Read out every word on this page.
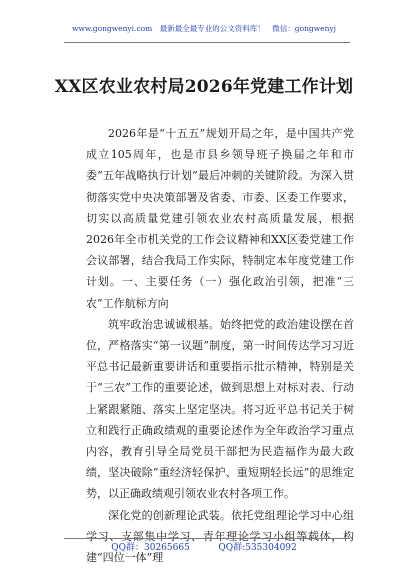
www.gongwenyi.com　最新最全最专业的公文资料库！　微信：gongwenyj
XX区农业农村局2026年党建工作计划

2026年是“十五五”规划开局之年，是中国共产党成立105周年，也是市县乡领导班子换届之年和市委“五年战略执行计划”最后冲刺的关键阶段。为深入贯彻落实党中央决策部署及省委、市委、区委工作要求，切实以高质量党建引领农业农村高质量发展，根据2026年全市机关党的工作会议精神和XX区委党建工作会议部署，结合我局工作实际，特制定本年度党建工作计划。一、主要任务（一）强化政治引领，把准“三农”工作航标方向

筑牢政治忠诚诚根基。始终把党的政治建设摆在首位，严格落实“第一议题”制度，第一时间传达学习习近平总书记最新重要讲话和重要指示批示精神，特别是关于“三农”工作的重要论述，做到思想上对标对表、行动上紧跟紧随、落实上坚定坚决。将习近平总书记关于树立和践行正确政绩观的重要论述作为全年政治学习重点内容，教育引导全局党员干部把为民造福作为最大政绩，坚决破除“重经济轻保护、重短期轻长远”的思维定势，以正确政绩观引领农业农村各项工作。

深化党的创新理论武装。依托党组理论学习中心组学习、支部集中学习、青年理论学习小组等载体，构建“四位一体”理

QQ群：30265665          QQ群:535304092
